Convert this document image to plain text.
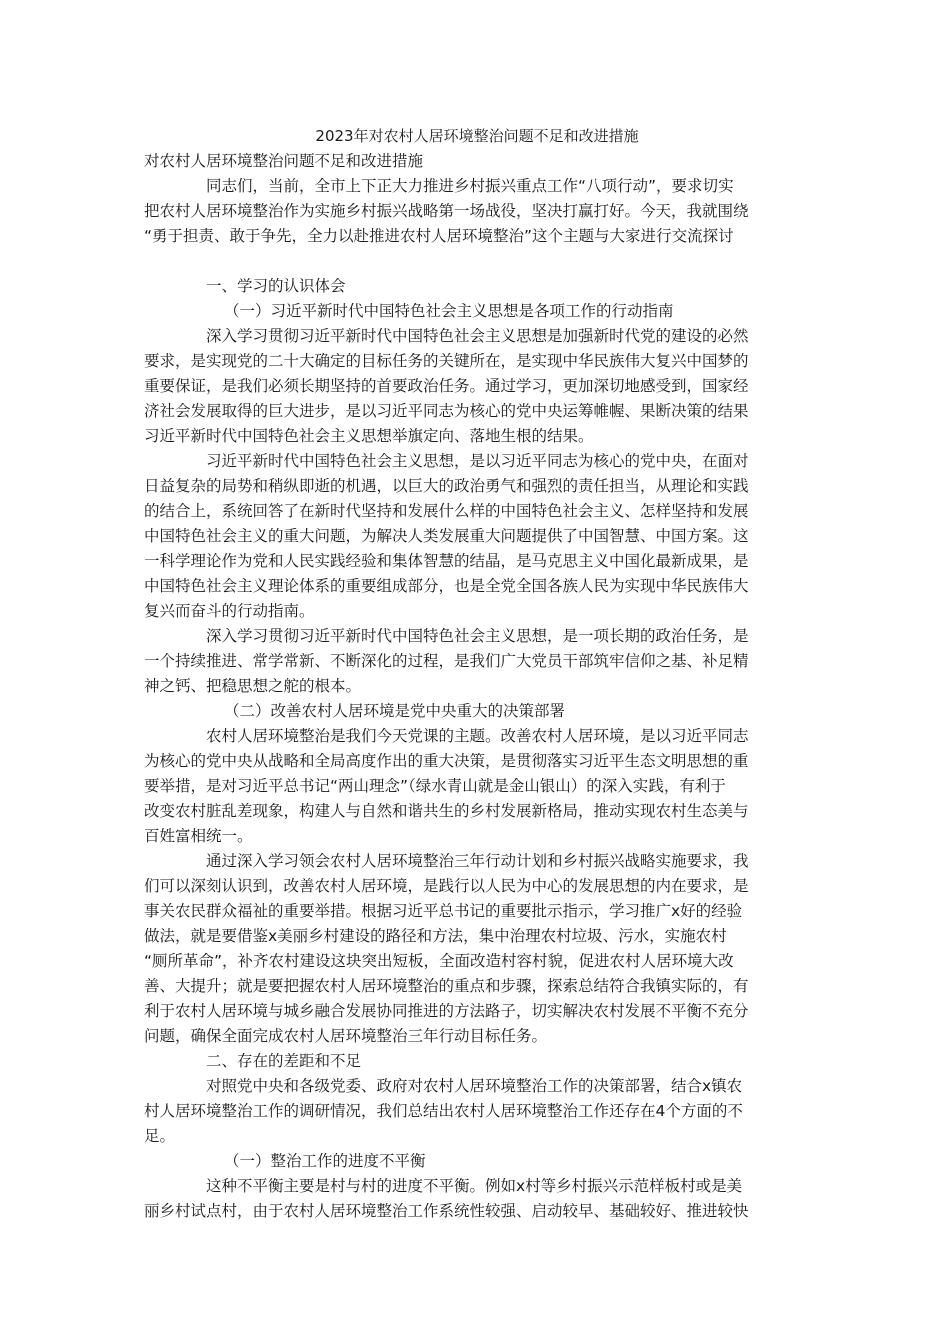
2023年对农村人居环境整治问题不足和改进措施
对农村人居环境整治问题不足和改进措施
同志们，当前，全市上下正大力推进乡村振兴重点工作“八项行动”，要求切实
把农村人居环境整治作为实施乡村振兴战略第一场战役，坚决打赢打好。今天，我就围绕
“勇于担责、敢于争先，全力以赴推进农村人居环境整治”这个主题与大家进行交流探讨
一、学习的认识体会
（一）习近平新时代中国特色社会主义思想是各项工作的行动指南
深入学习贯彻习近平新时代中国特色社会主义思想是加强新时代党的建设的必然
要求，是实现党的二十大确定的目标任务的关键所在，是实现中华民族伟大复兴中国梦的
重要保证，是我们必须长期坚持的首要政治任务。通过学习，更加深切地感受到，国家经
济社会发展取得的巨大进步，是以习近平同志为核心的党中央运筹帷幄、果断决策的结果
习近平新时代中国特色社会主义思想举旗定向、落地生根的结果。
习近平新时代中国特色社会主义思想，是以习近平同志为核心的党中央，在面对
日益复杂的局势和稍纵即逝的机遇，以巨大的政治勇气和强烈的责任担当，从理论和实践
的结合上，系统回答了在新时代坚持和发展什么样的中国特色社会主义、怎样坚持和发展
中国特色社会主义的重大问题，为解决人类发展重大问题提供了中国智慧、中国方案。这
一科学理论作为党和人民实践经验和集体智慧的结晶，是马克思主义中国化最新成果，是
中国特色社会主义理论体系的重要组成部分，也是全党全国各族人民为实现中华民族伟大
复兴而奋斗的行动指南。
深入学习贯彻习近平新时代中国特色社会主义思想，是一项长期的政治任务，是
一个持续推进、常学常新、不断深化的过程，是我们广大党员干部筑牢信仰之基、补足精
神之钙、把稳思想之舵的根本。
（二）改善农村人居环境是党中央重大的决策部署
农村人居环境整治是我们今天党课的主题。改善农村人居环境，是以习近平同志
为核心的党中央从战略和全局高度作出的重大决策，是贯彻落实习近平生态文明思想的重
要举措，是对习近平总书记“两山理念”（绿水青山就是金山银山）的深入实践，有利于
改变农村脏乱差现象，构建人与自然和谐共生的乡村发展新格局，推动实现农村生态美与
百姓富相统一。
通过深入学习领会农村人居环境整治三年行动计划和乡村振兴战略实施要求，我
们可以深刻认识到，改善农村人居环境，是践行以人民为中心的发展思想的内在要求，是
事关农民群众福祉的重要举措。根据习近平总书记的重要批示指示，学习推广x好的经验
做法，就是要借鉴x美丽乡村建设的路径和方法，集中治理农村垃圾、污水，实施农村
“厕所革命”，补齐农村建设这块突出短板，全面改造村容村貌，促进农村人居环境大改
善、大提升；就是要把握农村人居环境整治的重点和步骤，探索总结符合我镇实际的，有
利于农村人居环境与城乡融合发展协同推进的方法路子，切实解决农村发展不平衡不充分
问题，确保全面完成农村人居环境整治三年行动目标任务。
二、存在的差距和不足
对照党中央和各级党委、政府对农村人居环境整治工作的决策部署，结合x镇农
村人居环境整治工作的调研情况，我们总结出农村人居环境整治工作还存在4个方面的不
足。
（一）整治工作的进度不平衡
这种不平衡主要是村与村的进度不平衡。例如x村等乡村振兴示范样板村或是美
丽乡村试点村，由于农村人居环境整治工作系统性较强、启动较早、基础较好、推进较快
